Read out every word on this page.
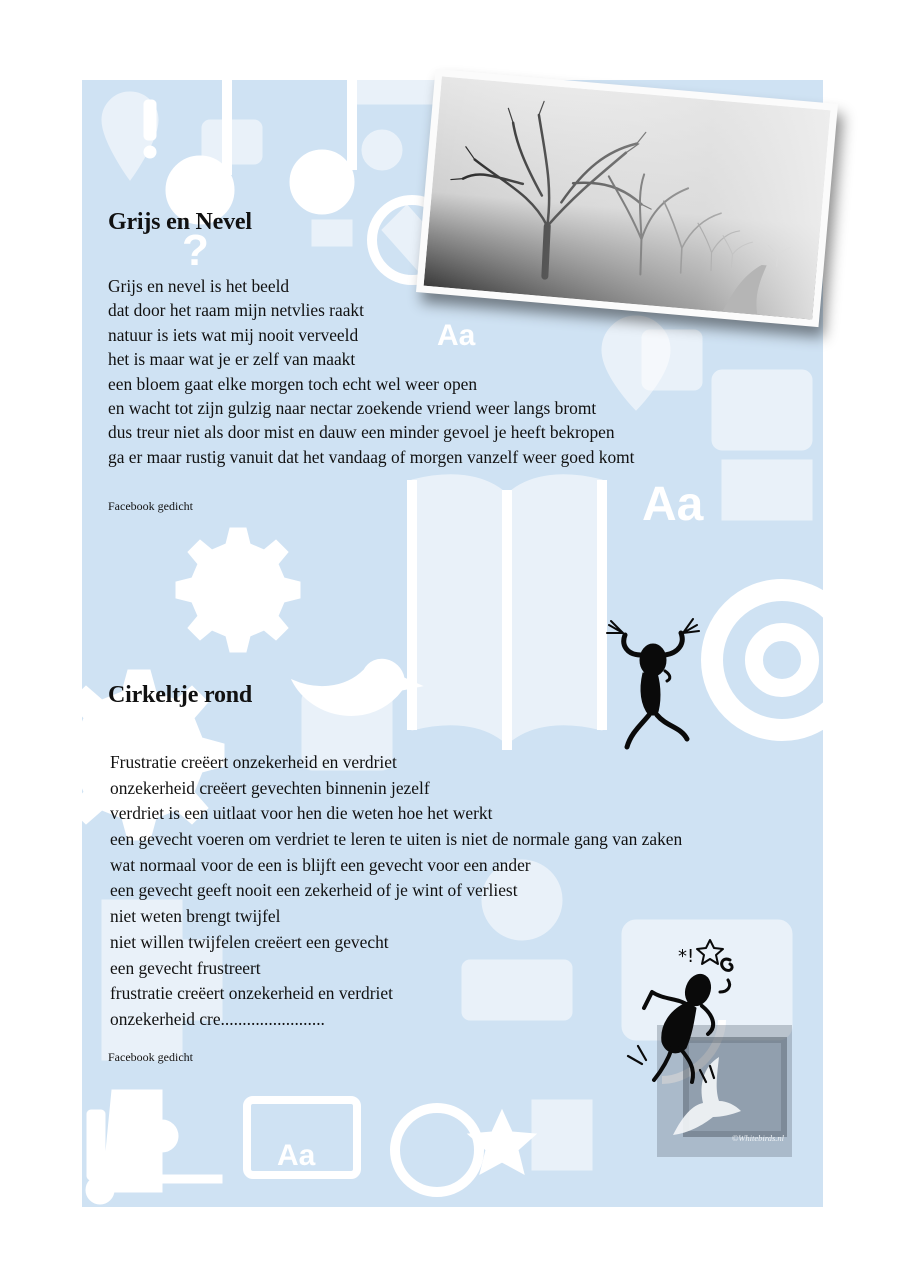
?
Aa
Aa
Aa
Grijs en Nevel
Grijs en nevel is het beeld
dat door het raam mijn netvlies raakt
natuur is iets wat mij nooit verveeld
het is maar wat je er zelf van maakt
een bloem gaat elke morgen toch echt wel weer open
en wacht tot zijn gulzig naar nectar zoekende vriend weer langs bromt
dus treur niet als door mist en dauw een minder gevoel je heeft bekropen
ga er maar rustig vanuit dat het vandaag of morgen vanzelf weer goed komt
Facebook gedicht
Cirkeltje rond
Frustratie creëert onzekerheid en verdriet
onzekerheid creëert gevechten binnenin jezelf
verdriet is een uitlaat voor hen die weten hoe het werkt
een gevecht voeren om verdriet te leren te uiten is niet de normale gang van zaken
wat normaal voor de een is blijft een gevecht voor een ander
een gevecht geeft nooit een zekerheid of je wint of verliest
niet weten brengt twijfel
niet willen twijfelen creëert een gevecht
een gevecht frustreert
frustratie creëert onzekerheid en verdriet
onzekerheid cre........................
Facebook gedicht
©Whitebirds.nl
*!
